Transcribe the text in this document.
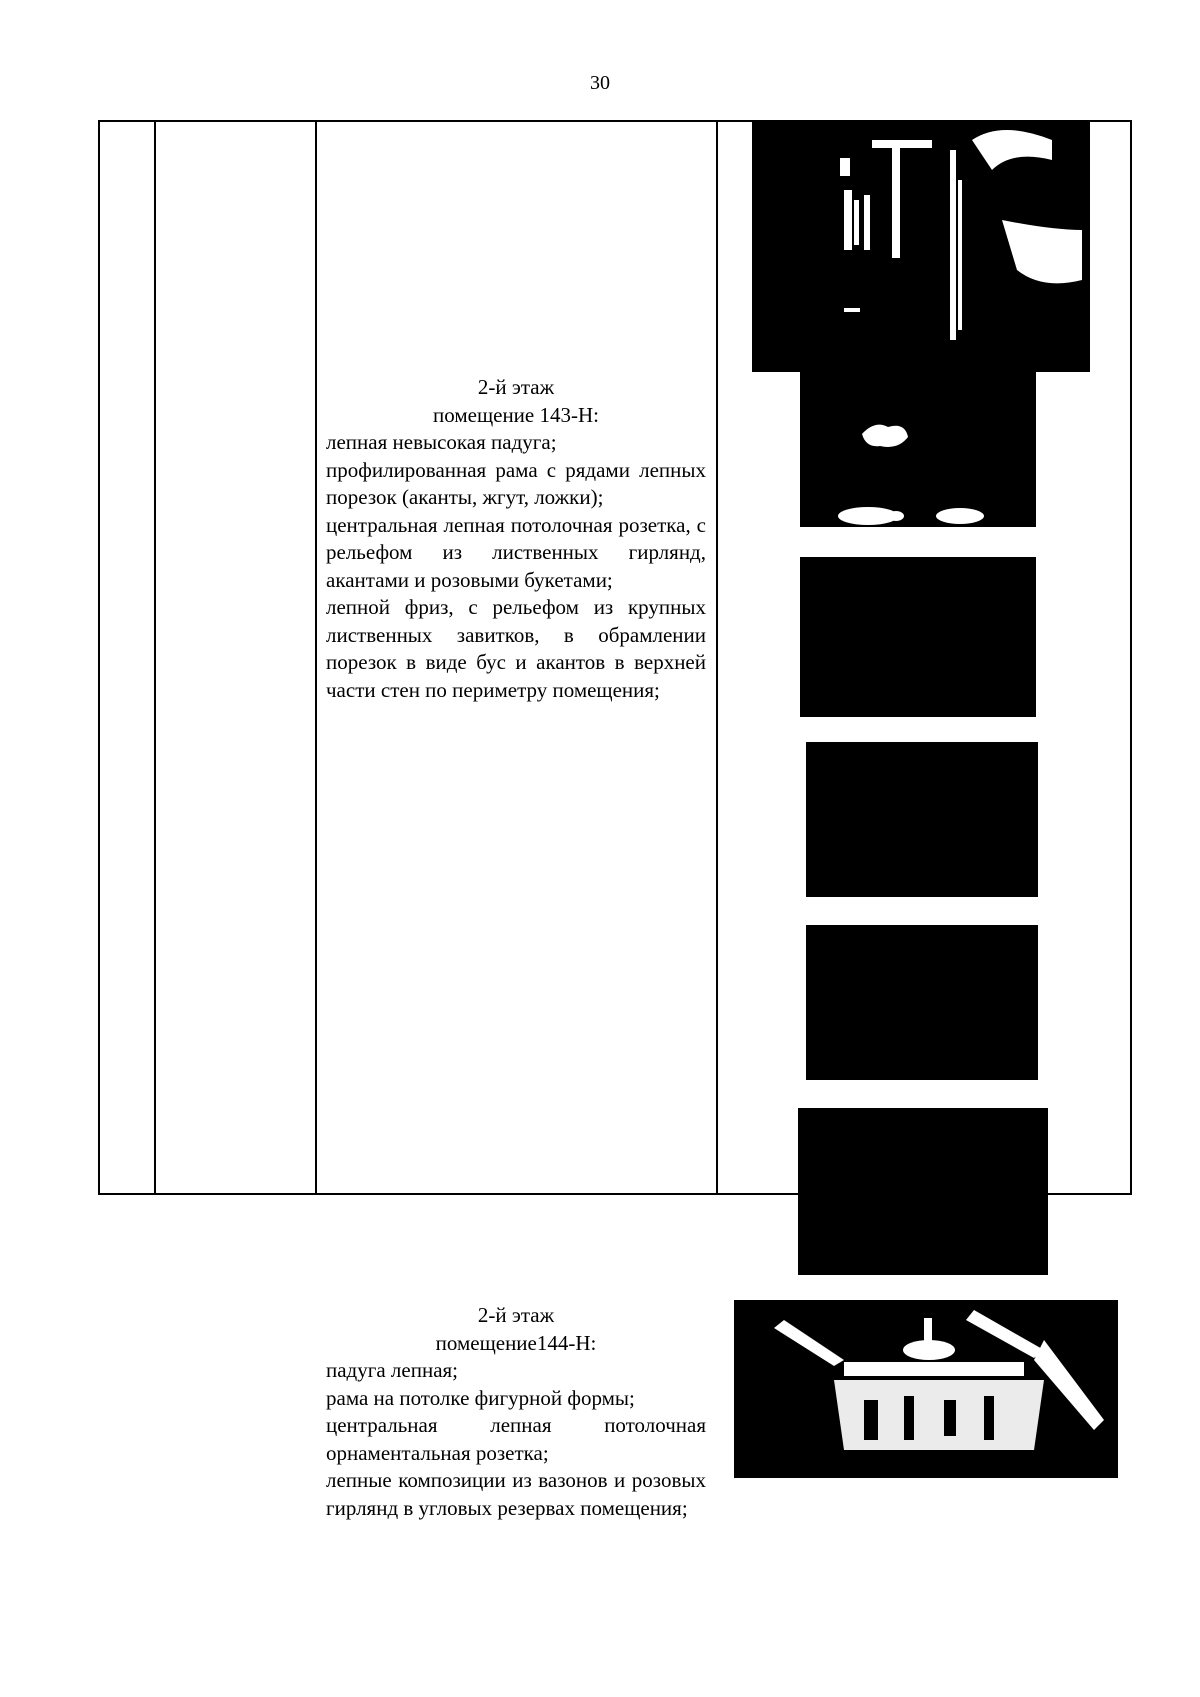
30
2-й этаж
помещение 143-Н:

лепная невысокая падуга;

профилированная рама с рядами лепных порезок (аканты, жгут, ложки);

центральная лепная потолочная розетка, с рельефом из лиственных гирлянд, акантами и розовыми букетами;

лепной фриз, с рельефом из крупных лиственных завитков, в обрамлении порезок в виде бус и акантов в верхней части стен по периметру помещения;

2-й этаж
помещение144-Н:

падуга лепная;

рама на потолке фигурной формы;

центральная лепная потолочная орнаментальная розетка;

лепные композиции из вазонов и розовых гирлянд в угловых резервах помещения;
